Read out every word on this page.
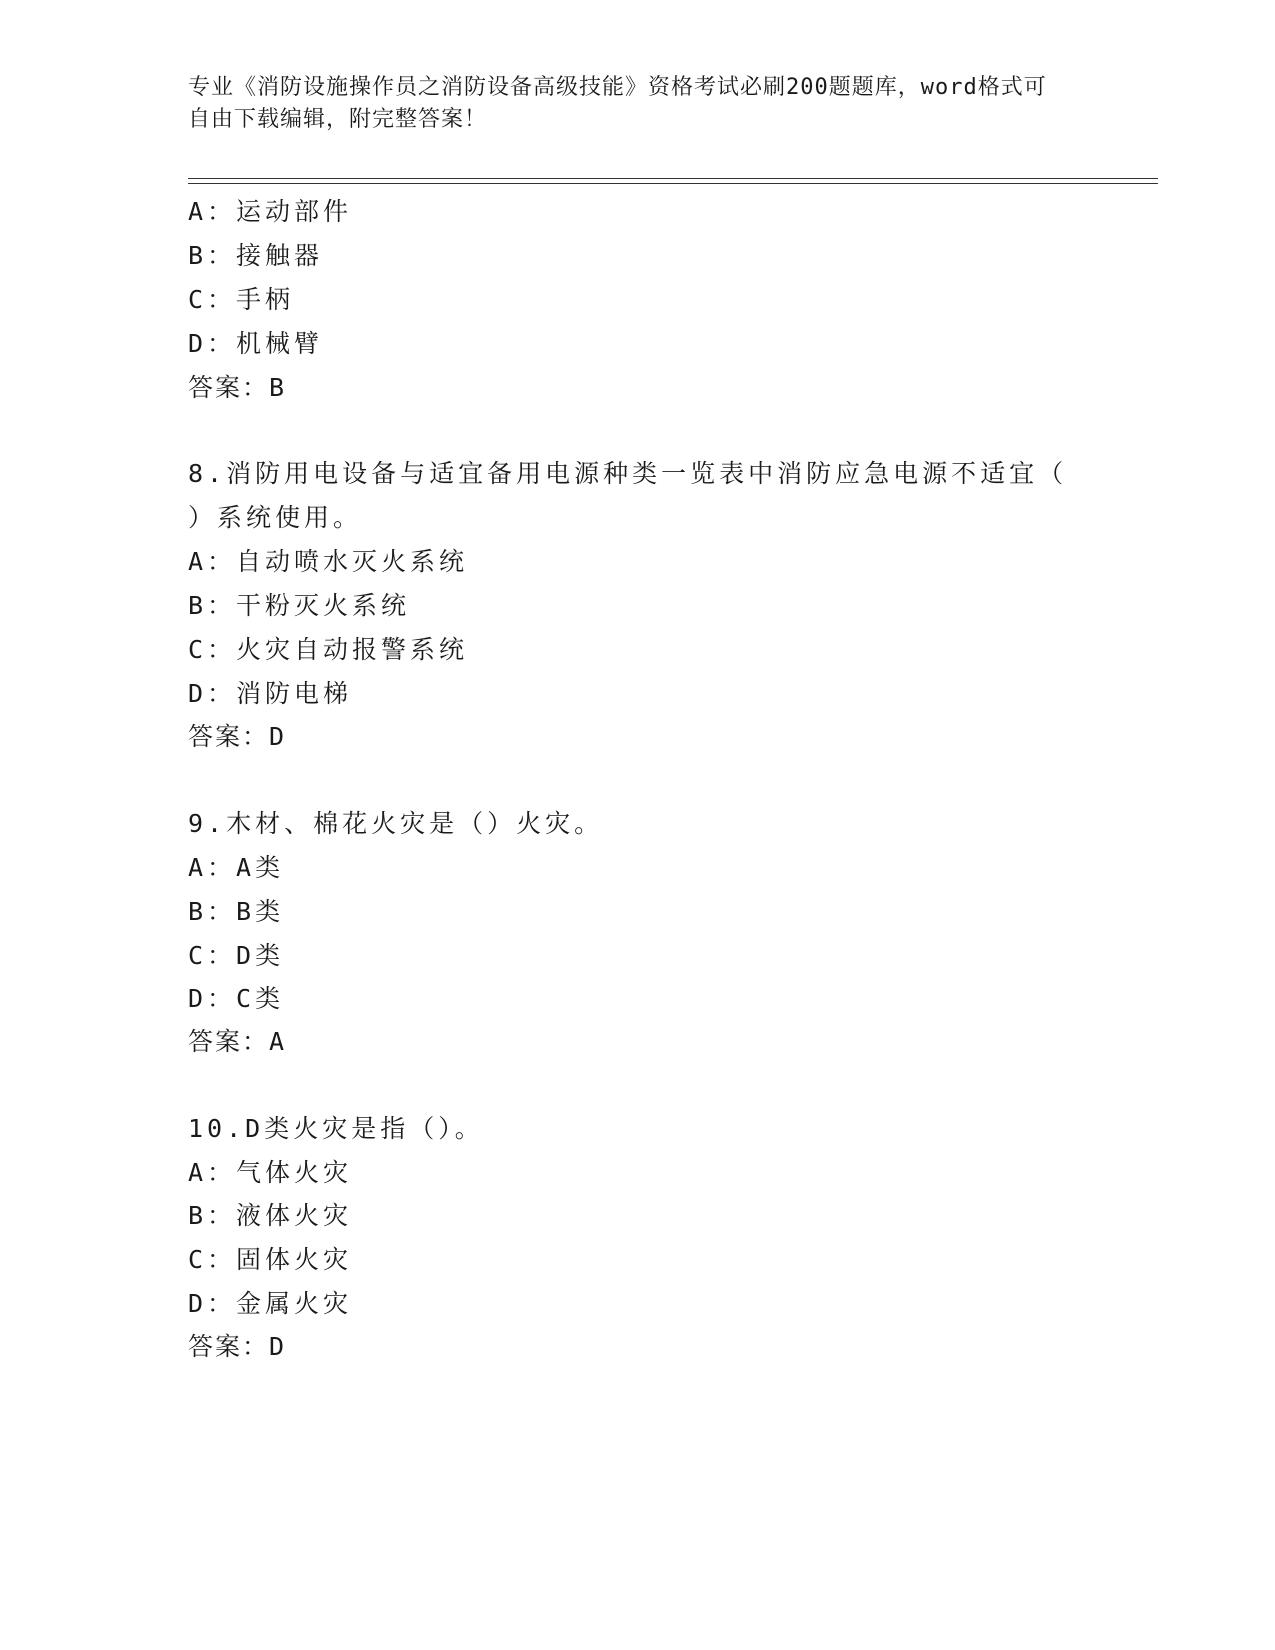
专业《消防设施操作员之消防设备高级技能》资格考试必刷200题题库，word格式可自由下载编辑，附完整答案！
A：运动部件
B：接触器
C：手柄
D：机械臂
答案：B
8.消防用电设备与适宜备用电源种类一览表中消防应急电源不适宜（
）系统使用。
A：自动喷水灭火系统
B：干粉灭火系统
C：火灾自动报警系统
D：消防电梯
答案：D
9.木材、棉花火灾是（）火灾。
A：A类
B：B类
C：D类
D：C类
答案：A
10.D类火灾是指（）。
A：气体火灾
B：液体火灾
C：固体火灾
D：金属火灾
答案：D
